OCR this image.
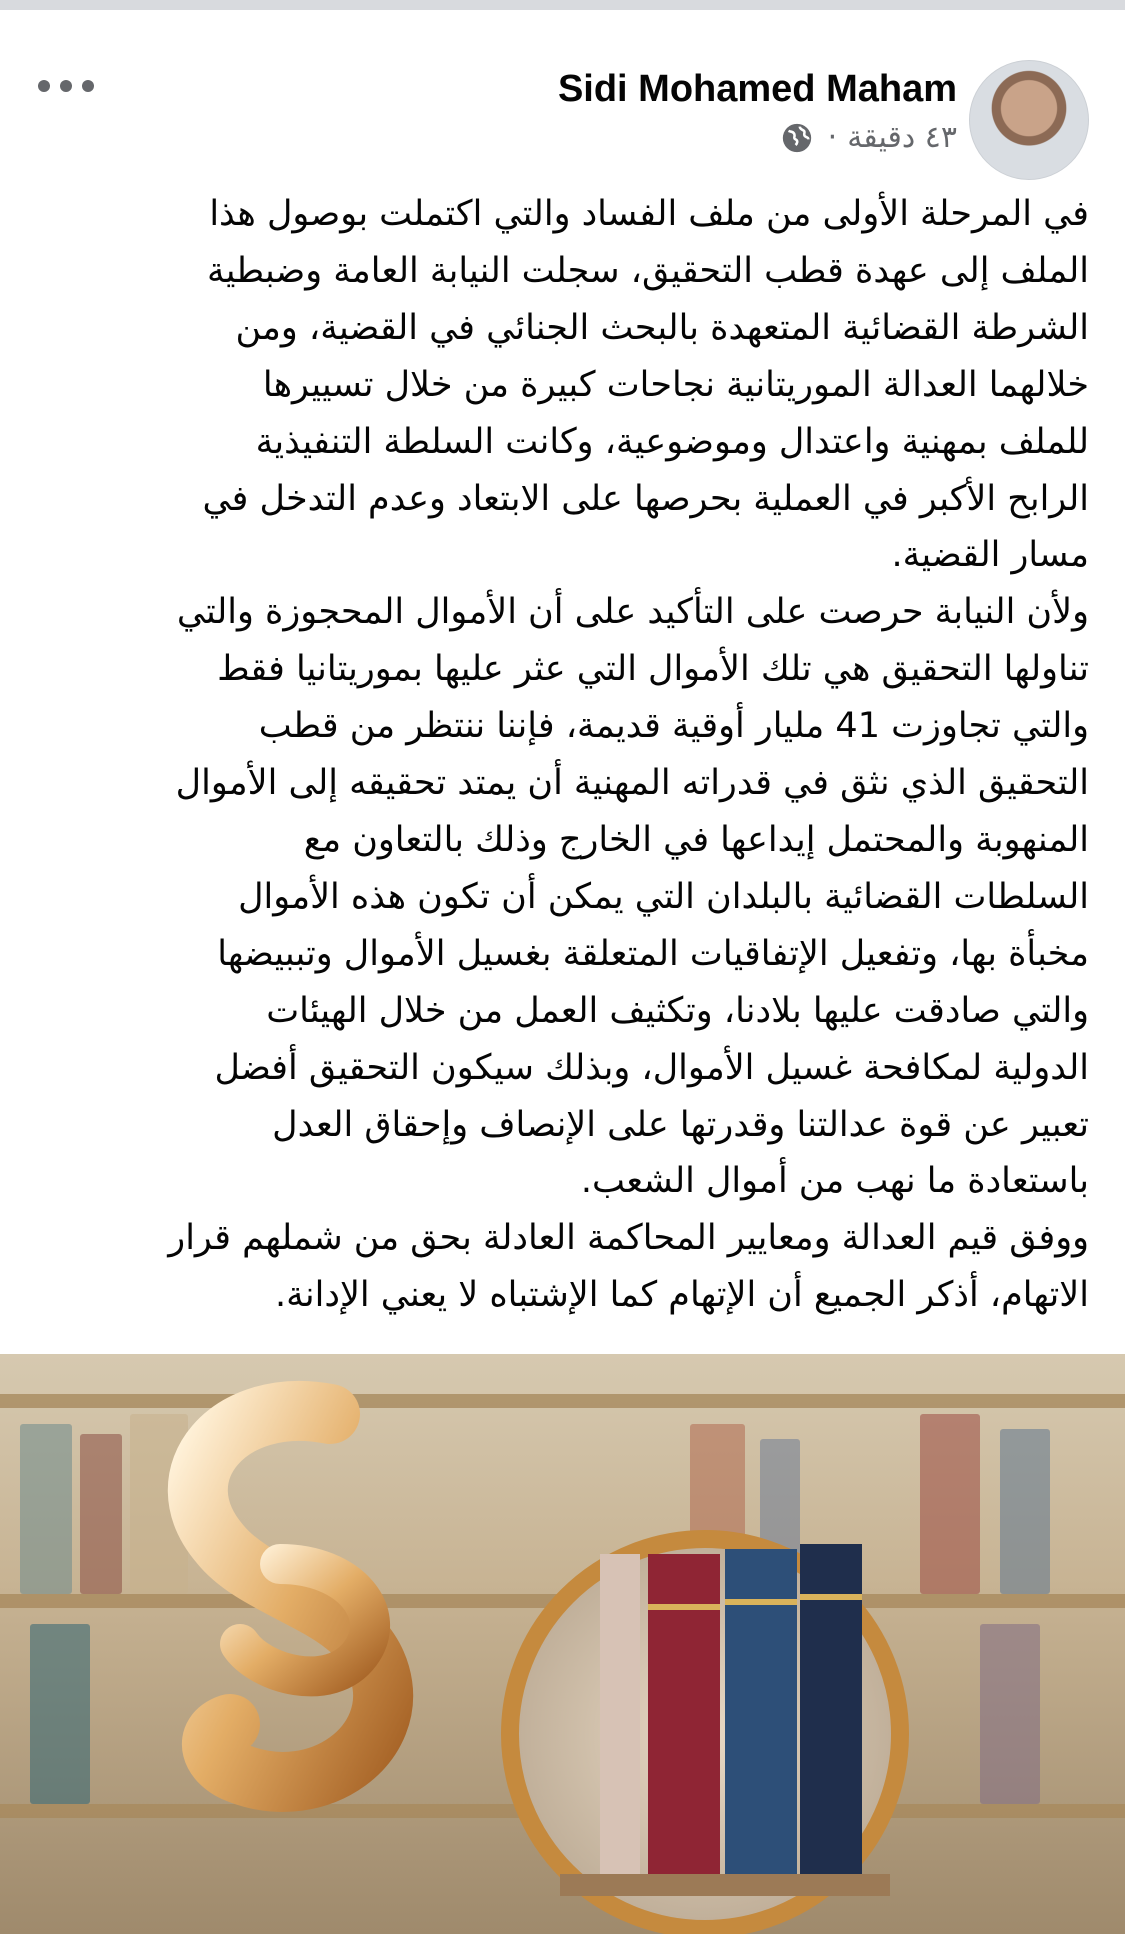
Sidi Mohamed Maham
٤٣ دقيقة
·
في المرحلة الأولى من ملف الفساد والتي اكتملت بوصول هذا
الملف إلى عهدة قطب التحقيق، سجلت النيابة العامة وضبطية
الشرطة القضائية المتعهدة بالبحث الجنائي في القضية، ومن
خلالهما العدالة الموريتانية نجاحات كبيرة من خلال تسييرها
للملف بمهنية واعتدال وموضوعية، وكانت السلطة التنفيذية
الرابح الأكبر في العملية بحرصها على الابتعاد وعدم التدخل في
مسار القضية.
ولأن النيابة حرصت على التأكيد على أن الأموال المحجوزة والتي
تناولها التحقيق هي تلك الأموال التي عثر عليها بموريتانيا فقط
والتي تجاوزت 41 مليار أوقية قديمة، فإننا ننتظر من قطب
التحقيق الذي نثق في قدراته المهنية أن يمتد تحقيقه إلى الأموال
المنهوبة والمحتمل إيداعها في الخارج وذلك بالتعاون مع
السلطات القضائية بالبلدان التي يمكن أن تكون هذه الأموال
مخبأة بها، وتفعيل الإتفاقيات المتعلقة بغسيل الأموال وتببيضها
والتي صادقت عليها بلادنا، وتكثيف العمل من خلال الهيئات
الدولية لمكافحة غسيل الأموال، وبذلك سيكون التحقيق أفضل
تعبير عن قوة عدالتنا وقدرتها على الإنصاف وإحقاق العدل
باستعادة ما نهب من أموال الشعب.
ووفق قيم العدالة ومعايير المحاكمة العادلة بحق من شملهم قرار
الاتهام، أذكر الجميع أن الإتهام كما الإشتباه لا يعني الإدانة.
